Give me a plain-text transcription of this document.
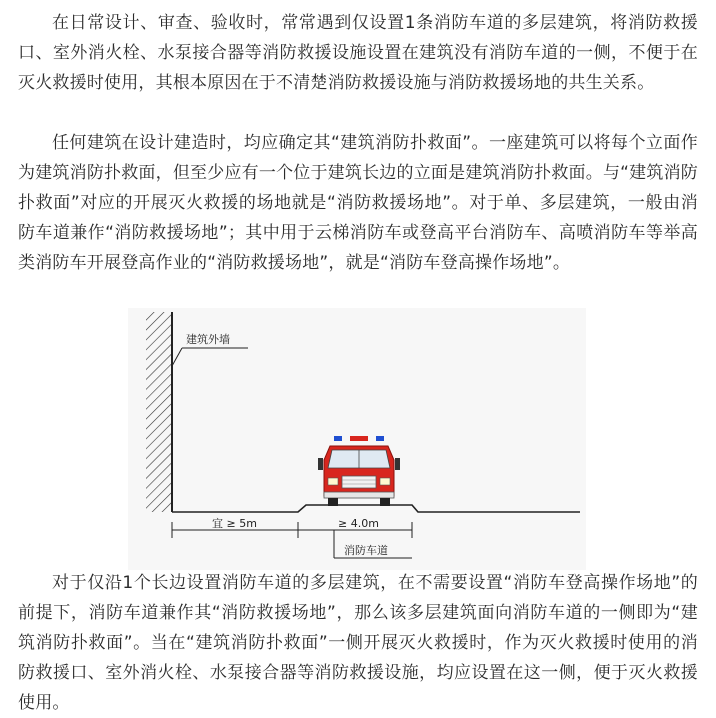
在日常设计、审查、验收时，常常遇到仅设置1条消防车道的多层建筑，将消防救援口、室外消火栓、水泵接合器等消防救援设施设置在建筑没有消防车道的一侧，不便于在灭火救援时使用，其根本原因在于不清楚消防救援设施与消防救援场地的共生关系。

任何建筑在设计建造时，均应确定其“建筑消防扑救面”。一座建筑可以将每个立面作为建筑消防扑救面，但至少应有一个位于建筑长边的立面是建筑消防扑救面。与“建筑消防扑救面”对应的开展灭火救援的场地就是“消防救援场地”。对于单、多层建筑，一般由消防车道兼作“消防救援场地”；其中用于云梯消防车或登高平台消防车、高喷消防车等举高类消防车开展登高作业的“消防救援场地”，就是“消防车登高操作场地”。

建筑外墙
宜 ≥ 5m	≥ 4.0m
消防车道

对于仅沿1个长边设置消防车道的多层建筑，在不需要设置“消防车登高操作场地”的前提下，消防车道兼作其“消防救援场地”，那么该多层建筑面向消防车道的一侧即为“建筑消防扑救面”。当在“建筑消防扑救面”一侧开展灭火救援时，作为灭火救援时使用的消防救援口、室外消火栓、水泵接合器等消防救援设施，均应设置在这一侧，便于灭火救援使用。
